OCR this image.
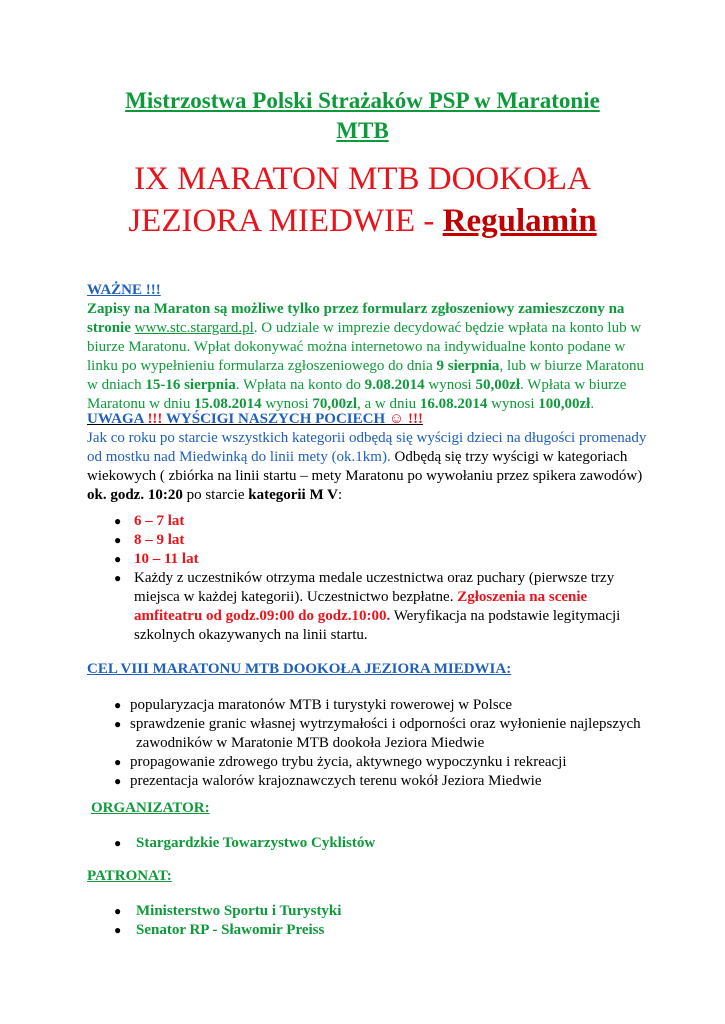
Mistrzostwa Polski Strażaków PSP w Maratonie
MTB
IX MARATON MTB DOOKOŁA
JEZIORA MIEDWIE - Regulamin
WAŻNE !!!
Zapisy na Maraton są możliwe tylko przez formularz zgłoszeniowy zamieszczony na
stronie www.stc.stargard.pl. O udziale w imprezie decydować będzie wpłata na konto lub w
biurze Maratonu. Wpłat dokonywać można internetowo na indywidualne konto podane w
linku po wypełnieniu formularza zgłoszeniowego do dnia 9 sierpnia, lub w biurze Maratonu
w dniach 15-16 sierpnia. Wpłata na konto do 9.08.2014 wynosi 50,00zł. Wpłata w biurze
Maratonu w dniu 15.08.2014 wynosi 70,00zl, a w dniu 16.08.2014 wynosi 100,00zł.
UWAGA !!! WYŚCIGI NASZYCH POCIECH ☺ !!!
Jak co roku po starcie wszystkich kategorii odbędą się wyścigi dzieci na długości promenady
od mostku nad Miedwinką do linii mety (ok.1km). Odbędą się trzy wyścigi w kategoriach
wiekowych ( zbiórka na linii startu – mety Maratonu po wywołaniu przez spikera zawodów)
ok. godz. 10:20 po starcie kategorii M V:
● 6 – 7 lat
● 8 – 9 lat
● 10 – 11 lat
● Każdy z uczestników otrzyma medale uczestnictwa oraz puchary (pierwsze trzy
miejsca w każdej kategorii). Uczestnictwo bezpłatne. Zgłoszenia na scenie
amfiteatru od godz.09:00 do godz.10:00. Weryfikacja na podstawie legitymacji
szkolnych okazywanych na linii startu.
CEL VIII MARATONU MTB DOOKOŁA JEZIORA MIEDWIA:
● popularyzacja maratonów MTB i turystyki rowerowej w Polsce
● sprawdzenie granic własnej wytrzymałości i odporności oraz wyłonienie najlepszych
zawodników w Maratonie MTB dookoła Jeziora Miedwie
● propagowanie zdrowego trybu życia, aktywnego wypoczynku i rekreacji
● prezentacja walorów krajoznawczych terenu wokół Jeziora Miedwie
ORGANIZATOR:
● Stargardzkie Towarzystwo Cyklistów
PATRONAT:
● Ministerstwo Sportu i Turystyki
● Senator RP - Sławomir Preiss
